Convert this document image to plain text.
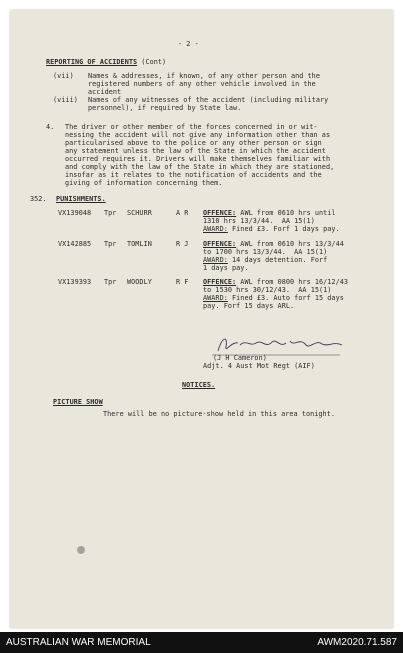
- 2 -
REPORTING OF ACCIDENTS (Cont)
(vii) Names & addresses, if known, of any other person and the
registered numbers of any other vehicle involved in the
accident
(viii) Names of any witnesses of the accident (including military
personnel), if required by State law.
4. The driver or other member of the forces concerned in or wit-
nessing the accident will not give any information other than as
particularised above to the police or any other person or sign
any statement unless the law of the State in which the accident
occurred requires it. Drivers will make themselves familiar with
and comply with the law of the State in which they are stationed,
insofar as it relates to the notification of accidents and the
giving of information concerning them.
352. PUNISHMENTS.
VX139048 Tpr SCHURR	A R OFFENCE: AWL from 0610 hrs until
1310 hrs 13/3/44.  AA 15(1)
AWARD: Fined £3. Forf 1 days pay.
VX142885 Tpr TOMLIN	R J OFFENCE: AWL from 0610 hrs 13/3/44
to 1700 hrs 13/3/44.  AA 15(1)
AWARD: 14 days detention. Forf
1 days pay.
VX139393 Tpr WOODLY	R F OFFENCE: AWL from 0800 hrs 16/12/43
to 1530 hrs 30/12/43.  AA 15(1)
AWARD: Fined £3. Auto forf 15 days
pay. Forf 15 days ARL.
(J H Cameron)
Adjt. 4 Aust Mot Regt (AIF)
NOTICES.
PICTURE SHOW
There will be no picture-show held in this area tonight.
AUSTRALIAN WAR MEMORIAL	AWM2020.71.587
